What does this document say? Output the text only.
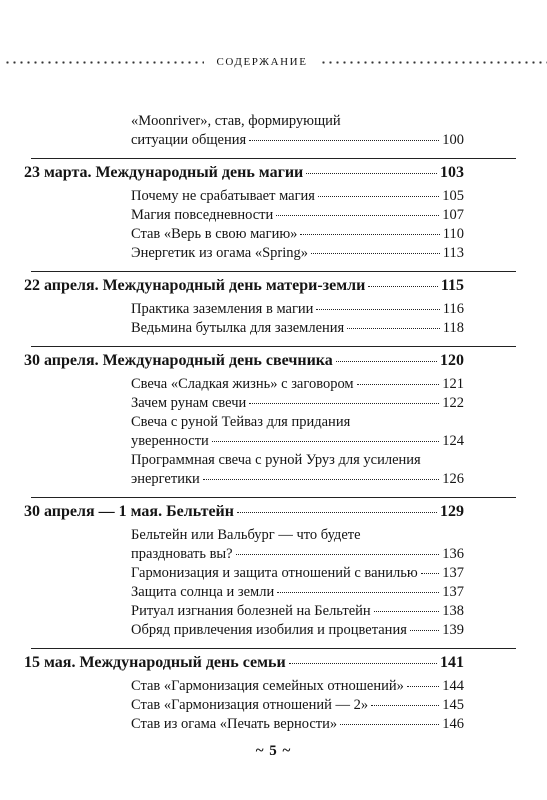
СОДЕРЖАНИЕ
«Moonriver», став, формирующий
ситуации общения	100
23 марта. Международный день магии	103
Почему не срабатывает магия	105
Магия повседневности	107
Став «Верь в свою магию»	110
Энергетик из огама «Spring»	113
22 апреля. Международный день матери-земли	115
Практика заземления в магии	116
Ведьмина бутылка для заземления	118
30 апреля. Международный день свечника	120
Свеча «Сладкая жизнь» с заговором	121
Зачем рунам свечи	122
Свеча с руной Тейваз для придания
уверенности	124
Программная свеча с руной Уруз для усиления
энергетики	126
30 апреля — 1 мая. Бельтейн	129
Бельтейн или Вальбург — что будете
праздновать вы?	136
Гармонизация и защита отношений с ванилью 137
Защита солнца и земли	137
Ритуал изгнания болезней на Бельтейн	138
Обряд привлечения изобилия и процветания 139
15 мая. Международный день семьи	141
Став «Гармонизация семейных отношений»	144
Став «Гармонизация отношений — 2»	145
Став из огама «Печать верности»	146
~ 5 ~
